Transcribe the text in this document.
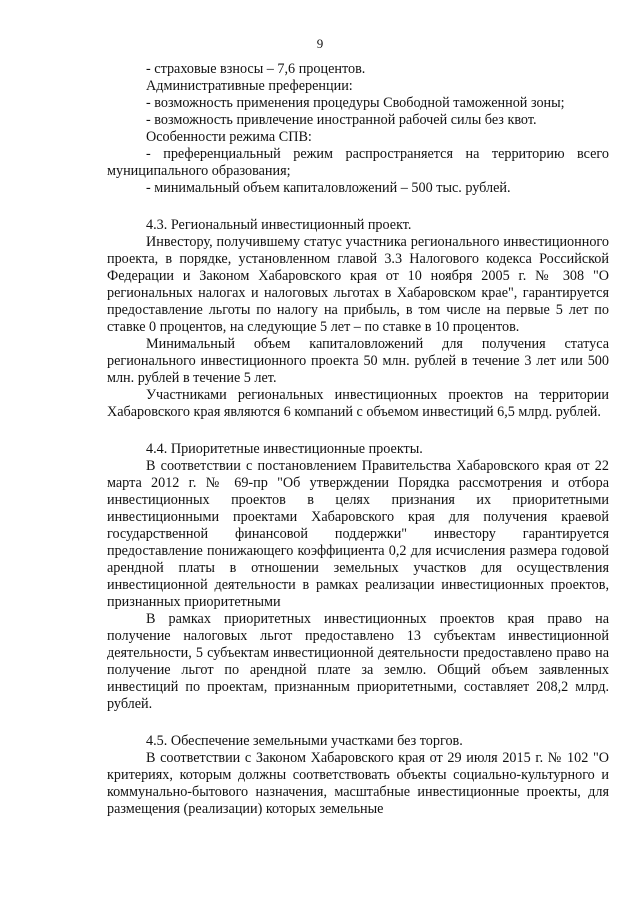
9

- страховые взносы – 7,6 процентов.

Административные преференции:

- возможность применения процедуры Свободной таможенной зоны;

- возможность привлечение иностранной рабочей силы без квот.

Особенности режима СПВ:

- преференциальный режим распространяется на территорию всего муниципального образования;

- минимальный объем капиталовложений – 500 тыс. рублей.

4.3. Региональный инвестиционный проект.

Инвестору, получившему статус участника регионального инвестиционного проекта, в порядке, установленном главой 3.3 Налогового кодекса Российской Федерации и Законом Хабаровского края от 10 ноября 2005 г. № 308 "О региональных налогах и налоговых льготах в Хабаровском крае", гарантируется предоставление льготы по налогу на прибыль, в том числе на первые 5 лет по ставке 0 процентов, на следующие 5 лет – по ставке в 10 процентов.

Минимальный объем капиталовложений для получения статуса регионального инвестиционного проекта 50 млн. рублей в течение 3 лет или 500 млн. рублей в течение 5 лет.

Участниками региональных инвестиционных проектов на территории Хабаровского края являются 6 компаний с объемом инвестиций 6,5 млрд. рублей.

4.4. Приоритетные инвестиционные проекты.

В соответствии с постановлением Правительства Хабаровского края от 22 марта 2012 г. № 69-пр "Об утверждении Порядка рассмотрения и отбора инвестиционных проектов в целях признания их приоритетными инвестиционными проектами Хабаровского края для получения краевой государственной финансовой поддержки" инвестору гарантируется предоставление понижающего коэффициента 0,2 для исчисления размера годовой арендной платы в отношении земельных участков для осуществления инвестиционной деятельности в рамках реализации инвестиционных проектов, признанных приоритетными

В рамках приоритетных инвестиционных проектов края право на получение налоговых льгот предоставлено 13 субъектам инвестиционной деятельности, 5 субъектам инвестиционной деятельности предоставлено право на получение льгот по арендной плате за землю. Общий объем заявленных инвестиций по проектам, признанным приоритетными, составляет 208,2 млрд. рублей.

4.5. Обеспечение земельными участками без торгов.

В соответствии с Законом Хабаровского края от 29 июля 2015 г. № 102 "О критериях, которым должны соответствовать объекты социально-культурного и коммунально-бытового назначения, масштабные инвестиционные проекты, для размещения (реализации) которых земельные
